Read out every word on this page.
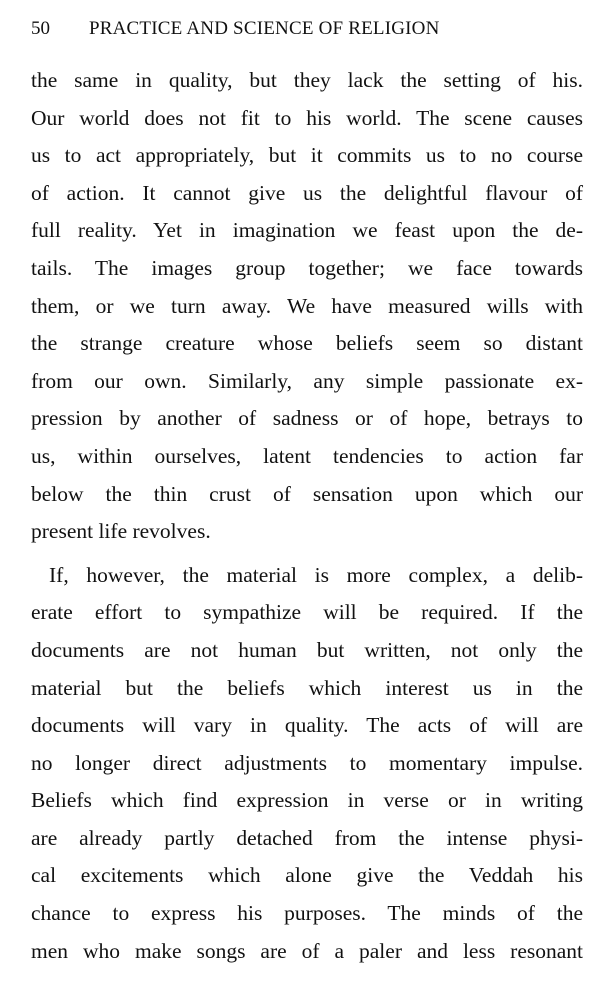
50 PRACTICE AND SCIENCE OF RELIGION
the same in quality, but they lack the setting of his.
Our world does not fit to his world. The scene causes
us to act appropriately, but it commits us to no course
of action. It cannot give us the delightful flavour of
full reality. Yet in imagination we feast upon the de-
tails. The images group together; we face towards
them, or we turn away. We have measured wills with
the strange creature whose beliefs seem so distant
from our own. Similarly, any simple passionate ex-
pression by another of sadness or of hope, betrays to
us, within ourselves, latent tendencies to action far
below the thin crust of sensation upon which our
present life revolves.
If, however, the material is more complex, a delib-
erate effort to sympathize will be required. If the
documents are not human but written, not only the
material but the beliefs which interest us in the
documents will vary in quality. The acts of will are
no longer direct adjustments to momentary impulse.
Beliefs which find expression in verse or in writing
are already partly detached from the intense physi-
cal excitements which alone give the Veddah his
chance to express his purposes. The minds of the
men who make songs are of a paler and less resonant
